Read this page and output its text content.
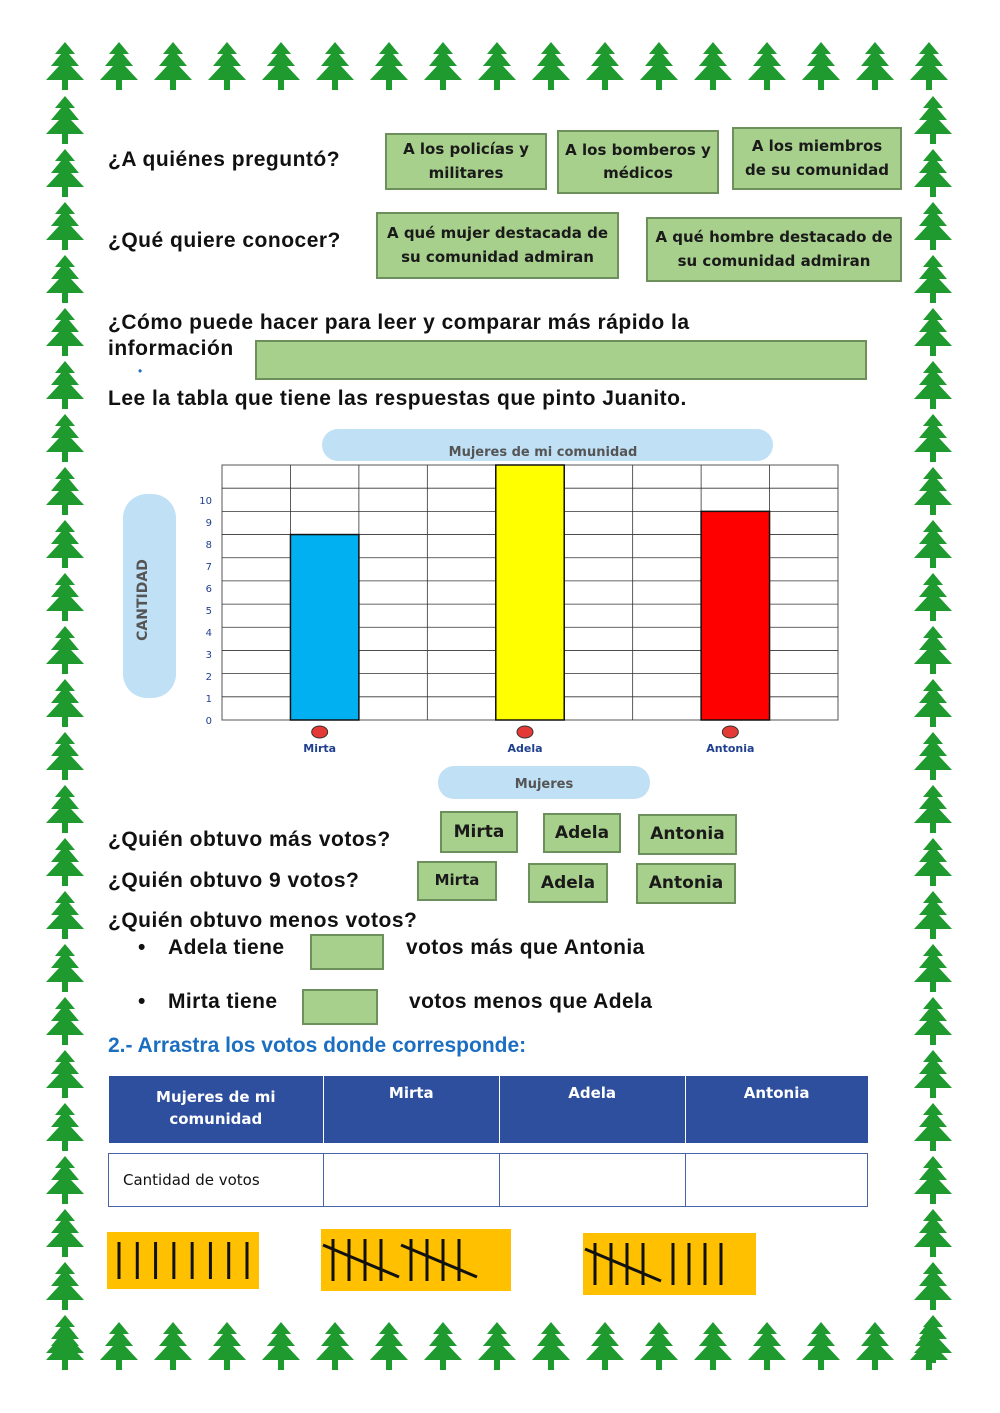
¿A quiénes preguntó?	A los policías y militares
A los bomberos y médicos
A los miembros de su comunidad
¿Qué quiere conocer?	A qué mujer destacada de su comunidad admiran
A qué hombre destacado de su comunidad admiran
¿Cómo puede hacer para leer y comparar más rápido la
información
•
Lee la tabla que tiene las respuestas que pinto Juanito.
Mujeres de mi comunidad
CANTIDAD
Mujeres
0
1
2
3
4
5
6
7
8
9
10
Mirta	Adela	Antonia
¿Quién obtuvo más votos?	Mirta	Adela	Antonia
¿Quién obtuvo 9 votos?	Mirta	Adela	Antonia
¿Quién obtuvo menos votos?
• Adela tiene	votos más que Antonia
• Mirta tiene	votos menos que Adela
2.- Arrastra los votos donde corresponde:
Mujeres de mi comunidad	Mirta	Adela	Antonia

Cantidad de votos			
